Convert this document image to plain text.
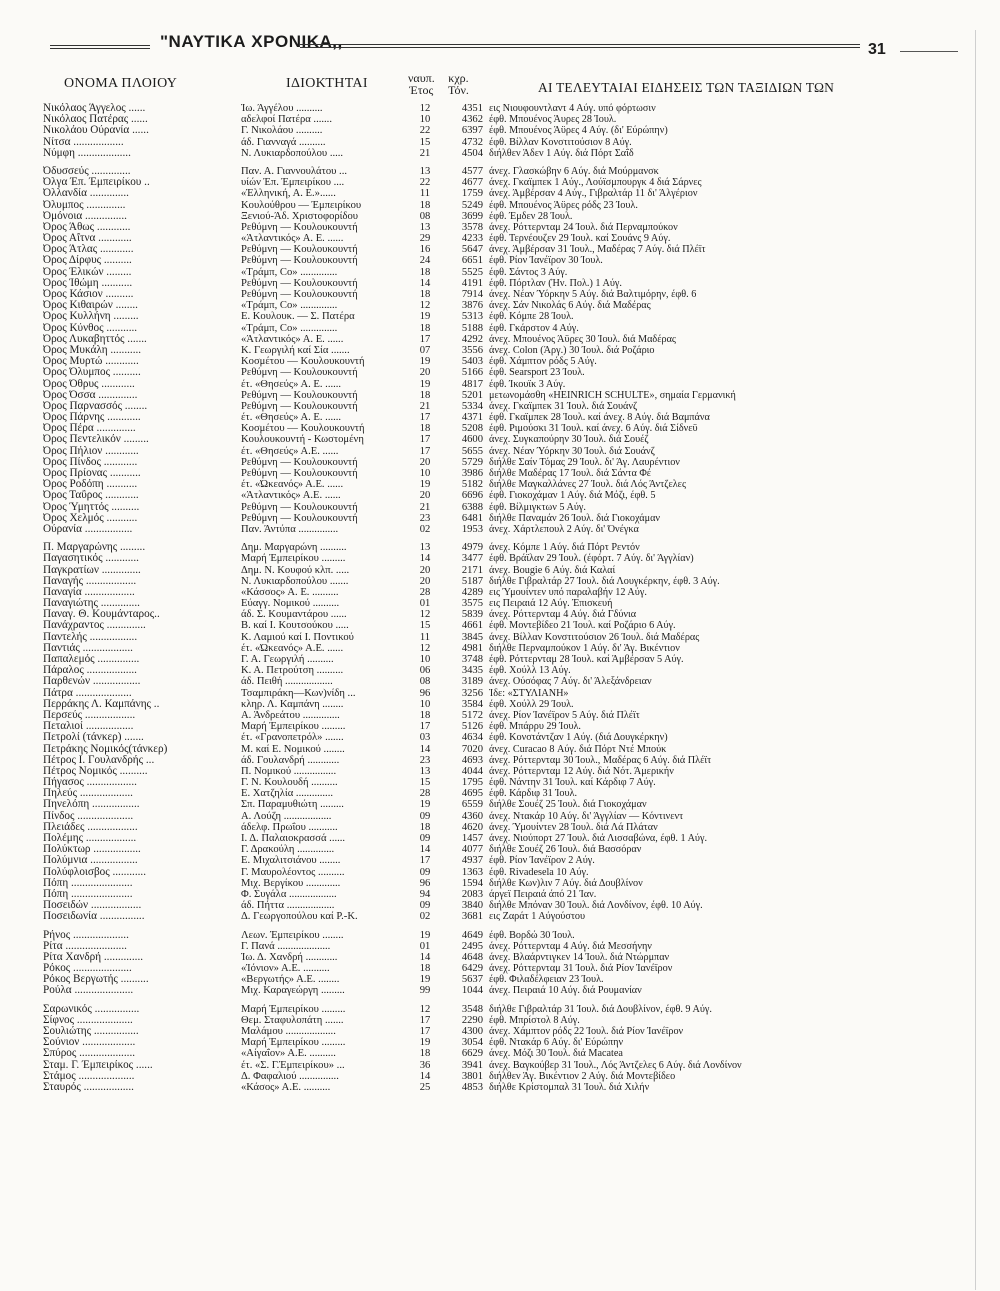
"ΝΑΥΤΙΚΑ ΧΡΟΝΙΚΑ,,	31
ΟΝΟΜΑ ΠΛΟΙΟΥ	ΙΔΙΟΚΤΗΤΑΙ	ναυπ.
Έτος
κχρ.
Τόν.	ΑΙ ΤΕΛΕΥΤΑΙΑΙ ΕΙΔΗΣΕΙΣ ΤΩΝ ΤΑΞΙΔΙΩΝ ΤΩΝ
Νικόλαος Άγγελος ......	Ίω. Άγγέλου ..........	12	4351 εις Νιουφουντλαντ 4 Αύγ. υπό φόρτωσιν
Νικόλαος Πατέρας ......	αδελφοί Πατέρα .......	10	4362 έφθ. Μπουένος Άυρες 28 Ίουλ.
Νικολάου Ούρανία ......	Γ. Νικολάου ..........	22	6397 έφθ. Μπουένος Άϋρες 4 Αύγ. (δι' Εύρώπην)
Νίτσα ..................	άδ. Γιανναγά ..........	15	4732 έφθ. Βίλλαν Κονστιτούσιον 8 Αύγ.
Νύμφη ...................	Ν. Λυκιαρδοπούλου .....	21	4504 διήλθεν Άδεν 1 Αύγ. διά Πόρτ Σαΐδ
Όδυσσεύς ..............	Παν. Α. Γιαννουλάτου ...	13	4577 άνεχ. Γλασκώβην 6 Αύγ. διά Μούρμανσκ
Όλγα Έπ. Έμπειρίκου ..	υίών Έπ. Έμπειρίκου ....	22	4677 άνεχ. Γκαϊμπεκ 1 Αύγ., Λούϊσμπουργκ 4 διά Σάρνες
Όλλανδία ..............	«Έλληνική, Α. Ε.»......	11	1759 άνεχ. Άμβέρσαν 4 Αύγ., Γιβραλτάρ 11 δι' Άλγέριον
Όλυμπος ..............	Κουλούθρου — Έμπειρίκου	18	5249 έφθ. Μπουένος Άϋρες ρόδς 23 Ίουλ.
Όμόνοια ...............	Ξενιού-Άδ. Χριστοφορίδου	08	3699 έφθ. Έμδεν 28 Ίουλ.
Όρος Άθως ............	Ρεθύμνη — Κουλουκουντή	13	3578 άνεχ. Ρόττερνταμ 24 Ίουλ. διά Περναμπούκον
Όρος Αΐτνα ............	«Άτλαντικός» Α. Ε. ......	29	4233 έφθ. Τερνέουζεν 29 Ίουλ. καί Σουάνς 9 Αύγ.
Όρος Άτλας ............	Ρεθύμνη — Κουλουκουντή	16	5647 άνεχ. Άμβέρσαν 31 Ίουλ., Μαδέρας 7 Αύγ. διά Πλέϊτ
Όρος Δίρφυς ..........	Ρεθύμνη — Κουλουκουντή	24	6651 έφθ. Ρίον Ίανέϊρον 30 Ίουλ.
Όρος Έλικών .........	«Τράμπ, Co» ..............	18	5525 έφθ. Σάντος 3 Αύγ.
Όρος Ίθώμη ...........	Ρεθύμνη — Κουλουκουντή	14	4191 έφθ. Πόρτλαν (Ήν. Πολ.) 1 Αύγ.
Όρος Κάσιον ..........	Ρεθύμνη — Κουλουκουντή	18	7914 άνεχ. Νέαν Ύόρκην 5 Αύγ. διά Βαλτιμόρην, έφθ. 6
Όρος Κιθαιρών ........	«Τράμπ, Co» ..............	12	3876 άνεχ. Σάν Νικολάς 6 Αύγ. διά Μαδέρας
Όρος Κυλλήνη .........	Ε. Κουλουκ. — Σ. Πατέρα	19	5313 έφθ. Κόμπε 28 Ίουλ.
Όρος Κύνθος ...........	«Τράμπ, Co» ..............	18	5188 έφθ. Γκάρστον 4 Αύγ.
Όρος Λυκαβηττός .......	«Άτλαντικός» Α. Ε. ......	17	4292 άνεχ. Μπουένος Άϋρες 30 Ίουλ. διά Μαδέρας
Όρος Μυκάλη ...........	Κ. Γεωργιλή καί Σία .......	07	3556 άνεχ. Colon (Άργ.) 30 Ίουλ. διά Ροζάριο
Όρος Μυρτώ ............	Κοσμέτου — Κουλουκουντή	19	5403 έφθ. Χάμπτον ρόδς 5 Αύγ.
Όρος Όλυμπος ..........	Ρεθύμνη — Κουλουκουντή	20	5166 έφθ. Searsport 23 Ίουλ.
Όρος Όθρυς ............	έτ. «Θησεύς» Α. Ε. ......	19	4817 έφθ. Ίκουϊκ 3 Αύγ.
Όρος Όσσα ..............	Ρεθύμνη — Κουλουκουντή	18	5201 μετωνομάσθη «HEINRICH SCHULTE», σημαία Γερμανική
Όρος Παρνασσός ........	Ρεθύμνη — Κουλουκουντή	21	5334 άνεχ. Γκαϊμπεκ 31 Ίουλ. διά Σουάνζ
Όρος Πάρνης ............	έτ. «Θησεύς» Α. Ε. ......	17	4371 έφθ. Γκαϊμπεκ 28 Ίουλ. καί άνεχ. 8 Αύγ. διά Βαμπάνα
Όρος Πέρα ..............	Κοσμέτου — Κουλουκουντή	18	5208 έφθ. Ριμούσκι 31 Ίουλ. καί άνεχ. 6 Αύγ. διά Σίδνεϋ
Όρος Πεντελικόν .........	Κουλουκουντή - Κωστομένη	17	4600 άνεχ. Συγκαπούρην 30 Ίουλ. διά Σουέζ
Όρος Πήλιον ............	έτ. «Θησεύς» Α.Ε. ......	17	5655 άνεχ. Νέαν Ύόρκην 30 Ίουλ. διά Σουάνζ
Όρος Πίνδος ............	Ρεθύμνη — Κουλουκουντή	20	5729 διήλθε Σαίν Τόμας 29 Ίουλ. δι' Άγ. Λαυρέντιον
Όρος Πρίονας ...........	Ρεθύμνη — Κουλουκουντή	10	3986 διήλθε Μαδέρας 17 Ίουλ. διά Σάντα Φέ
Όρος Ροδόπη ...........	έτ. «Ώκεανός» Α.Ε. ......	19	5182 διήλθε Μαγκαλλάνες 27 Ίουλ. διά Λός Άντζελες
Όρος Ταΰρος ............	«Άτλαντικός» Α.Ε. ......	20	6696 έφθ. Γιοκοχάμαν 1 Αύγ. διά Μόζι, έφθ. 5
Όρος Ύμηττός ..........	Ρεθύμνη — Κουλουκουντή	21	6388 έφθ. Βίλμιγκτων 5 Αύγ.
Όρος Χελμός ...........	Ρεθύμνη — Κουλουκουντή	23	6481 διήλθε Παναμάν 26 Ίουλ. διά Γιοκοχάμαν
Ούρανία .................	Παν. Άντύπα ...............	02	1953 άνεχ. Χάρτλεπουλ 2 Αύγ. δι' Όνέγκα
Π. Μαργαρώνης .........	Δημ. Μαργαρώνη ..........	13	4979 άνεχ. Κόμπε 1 Αύγ. διά Πόρτ Ρεντόν
Παγασητικός ............	Μαρή Έμπειρίκου .........	14	3477 έφθ. Βράϊλαν 29 Ίουλ. (έφόρτ. 7 Αύγ. δι' Άγγλίαν)
Παγκρατίων ..............	Δημ. Ν. Κουφού κλπ. .....	20	2171 άνεχ. Bougie 6 Αύγ. διά Καλαί
Παναγής ..................	Ν. Λυκιαρδοπούλου .......	20	5187 διήλθε Γιβραλτάρ 27 Ίουλ. διά Λουγκέρκην, έφθ. 3 Αύγ.
Παναγία ..................	«Κάσσος» Α. Ε. ..........	28	4289 εις Ύμουίντεν υπό παραλαβήν 12 Αύγ.
Παναγιώτης ..............	Εύαγγ. Νομικού ..........	01	3575 εις Πειραιά 12 Αύγ. Έπισκευή
Παναγ. Θ. Κουμάνταρος..	άδ. Σ. Κουμαντάρου ......	12	5839 άνεχ. Ρόττερνταμ 4 Αύγ. διά Γδύνια
Πανάχραντος ..............	Β. καί Ι. Κουτσούκου .....	15	4661 έφθ. Μοντεβίδεο 21 Ίουλ. καί Ροζάριο 6 Αύγ.
Παντελής .................	Κ. Λαμιού καί Ι. Ποντικού	11	3845 άνεχ. Βίλλαν Κονστιτούσιον 26 Ίουλ. διά Μαδέρας
Παντιάς ..................	έτ. «Ώκεανός» Α.Ε. ......	12	4981 διήλθε Περναμπούκον 1 Αύγ. δι' Άγ. Βικέντιον
Παπαλεμός ...............	Γ. Α. Γεωργιλή ..........	10	3748 έφθ. Ρόττερνταμ 28 Ίουλ. καί Άμβέρσαν 5 Αύγ.
Πάραλος ..................	Κ. Α. Πετρούτση ..........	06	3435 έφθ. Χούλλ 13 Αύγ.
Παρθενών .................	άδ. Πειθή ..................	08	3189 άνεχ. Ούσόφας 7 Αύγ. δι' Άλεξάνδρειαν
Πάτρα ....................	Τσαμπιράκη—Κων)νίδη ...	96	3256 Ίδε: «ΣΤΥΛΙΑΝΗ»
Περράκης Λ. Καμπάνης ..	κληρ. Λ. Καμπάνη ........	10	3584 έφθ. Χούλλ 29 Ίουλ.
Περσεύς ..................	Α. Άνδρεάτου ..............	18	5172 άνεχ. Ρίον Ίανέϊρον 5 Αύγ. διά Πλέϊτ
Πεταλιοί .................	Μαρή Έμπειρίκου .........	17	5126 έφθ. Μπάρρυ 29 Ίουλ.
Πετρολί (τάνκερ) .......	έτ. «Γρανοπετρόλ» .......	03	4634 έφθ. Κονστάντζαν 1 Αύγ. (διά Δουγκέρκην)
Πετράκης Νομικός(τάνκερ)	Μ. καί Ε. Νομικού ........	14	7020 άνεχ. Curacao 8 Αύγ. διά Πόρτ Ντέ Μπούκ
Πέτρος Ι. Γουλανδρής ...	άδ. Γουλανδρή ............	23	4693 άνεχ. Ρόττερνταμ 30 Ίουλ., Μαδέρας 6 Αύγ. διά Πλέϊτ
Πέτρος Νομικός ..........	Π. Νομικού ................	13	4044 άνεχ. Ρόττερνταμ 12 Αύγ. διά Νότ. Άμερικήν
Πήγασος ..................	Γ. Ν. Κουλουδή ..........	15	1795 έφθ. Νάντην 31 Ίουλ. καί Κάρδιφ 7 Αύγ.
Πηλεύς ...................	Ε. Χατζηλία ..............	28	4695 έφθ. Κάρδιφ 31 Ίουλ.
Πηνελόπη .................	Σπ. Παραμυθιώτη .........	19	6559 διήλθε Σουέζ 25 Ίουλ. διά Γιοκοχάμαν
Πίνδος ....................	Α. Λούζη ..................	09	4360 άνεχ. Ντακάρ 10 Αύγ. δι' Άγγλίαν — Κόντινεντ
Πλειάδες ..................	άδελφ. Πρωΐου ...........	18	4620 άνεχ. Ύμουίντεν 28 Ίουλ. διά Λά Πλάταν
Πολέμης ..................	Ι. Δ. Παλαιοκρασσά ......	09	1457 άνεχ. Νιούπορτ 27 Ίουλ. διά Λισσαβώνα, έφθ. 1 Αύγ.
Πολύκτωρ .................	Γ. Δρακούλη ..............	14	4077 διήλθε Σουέζ 26 Ίουλ. διά Βασσόραν
Πολύμνια .................	Ε. Μιχαλιτσιάνου ........	17	4937 έφθ. Ρίον Ίανέϊρον 2 Αύγ.
Πολύφλοισβος ............	Γ. Μαυρολέοντος ..........	09	1363 έφθ. Rivadesela 10 Αύγ.
Πόπη ......................	Μιχ. Βεργίκου .............	96	1594 διήλθε Κων)λιν 7 Αύγ. διά Δουβλίνον
Πόπη ......................	Φ. Συγάλα ..................	94	2083 άργεϊ Πειραιά άπό 21 Ίαν.
Ποσειδών ..................	άδ. Πήττα ..................	09	3840 διήλθε Μπόναν 30 Ίουλ. διά Λονδίνον, έφθ. 10 Αύγ.
Ποσειδωνία ................	Δ. Γεωργοπούλου καί Ρ.-Κ.	02	3681 εις Ζαράτ 1 Αύγούστου
Ρήνος ....................	Λεων. Έμπειρίκου ........	19	4649 έφθ. Βορδώ 30 Ίουλ.
Ρίτα ......................	Γ. Πανά ....................	01	2495 άνεχ. Ρόττερνταμ 4 Αύγ. διά Μεσσήνην
Ρίτα Χανδρή ..............	Ίω. Δ. Χανδρή ............	14	4648 άνεχ. Βλαάρντιγκεν 14 Ίουλ. διά Ντώρμπαν
Ρόκος .....................	«Ίόνιον» Α.Ε. ..........	18	6429 άνεχ. Ρόττερνταμ 31 Ίουλ. διά Ρίον Ίανέϊρον
Ρόκος Βεργωτής ..........	«Βεργωτής» Α.Ε. ........	19	5637 έφθ. Φιλαδέλφειαν 23 Ίουλ.
Ρούλα .....................	Μιχ. Καραγεώργη .........	99	1044 άνεχ. Πειραιά 10 Αύγ. διά Ρουμανίαν
Σαρωνικός ................	Μαρή Έμπειρίκου .........	12	3548 διήλθε Γιβραλτάρ 31 Ίουλ. διά Δουβλίνον, έφθ. 9 Αύγ.
Σίφνος ....................	Θεμ. Σταφυλοπάτη .......	17	2290 έφθ. Μπρίστολ 8 Αύγ.
Σουλιώτης ................	Μαλάμου ...................	17	4300 άνεχ. Χάμπτον ρόδς 22 Ίουλ. διά Ρίον Ίανέϊρον
Σούνιον ...................	Μαρή Έμπειρίκου .........	19	3054 έφθ. Ντακάρ 6 Αύγ. δι' Εύρώπην
Σπύρος ....................	«Αίγαΐον» Α.Ε. ..........	18	6629 άνεχ. Μόζι 30 Ίουλ. διά Macatea
Σταμ. Γ. Έμπειρίκος ......	έτ. «Σ. Γ.Έμπειρίκου» ...	36	3941 άνεχ. Βαγκούβερ 31 Ίουλ., Λός Άντζελες 6 Αύγ. διά Λονδίνον
Στάμος ....................	Δ. Φαφαλιού ...............	14	3801 διήλθεν Άγ. Βικέντιον 2 Αύγ. διά Μοντεβίδεο
Σταυρός ..................	«Κάσος» Α.Ε. ..........	25	4853 διήλθε Κρίστομπαλ 31 Ίουλ. διά Χιλήν
